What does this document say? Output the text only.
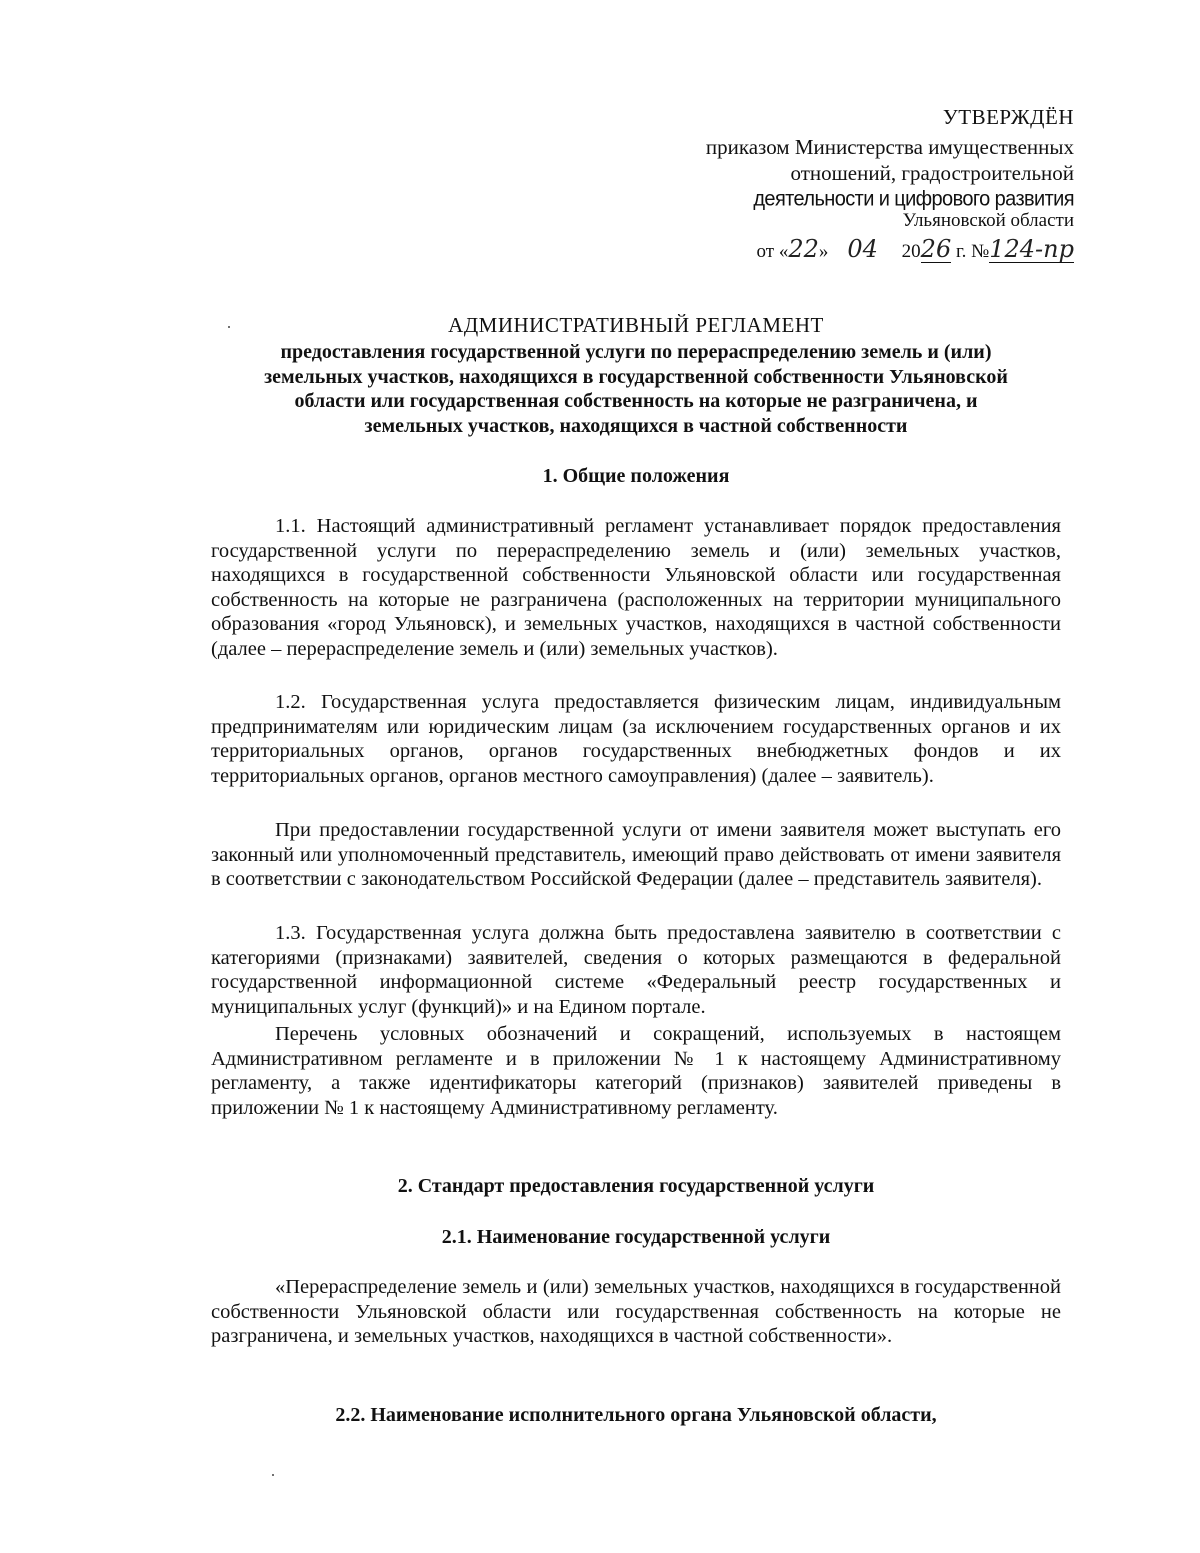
УТВЕРЖДЁН
приказом Министерства имущественных
отношений, градостроительной
деятельности и цифрового развития
Ульяновской области
от «22» 04 2026 г. №124-пр
АДМИНИСТРАТИВНЫЙ РЕГЛАМЕНТ
предоставления государственной услуги по перераспределению земель и (или)
земельных участков, находящихся в государственной собственности Ульяновской
области или государственная собственность на которые не разграничена, и
земельных участков, находящихся в частной собственности
1. Общие положения
1.1. Настоящий административный регламент устанавливает порядок предоставления государственной услуги по перераспределению земель и (или) земельных участков, находящихся в государственной собственности Ульяновской области или государственная собственность на которые не разграничена (расположенных на территории муниципального образования «город Ульяновск), и земельных участков, находящихся в частной собственности (далее – перераспределение земель и (или) земельных участков).
1.2. Государственная услуга предоставляется физическим лицам, индивидуальным предпринимателям или юридическим лицам (за исключением государственных органов и их территориальных органов, органов государственных внебюджетных фондов и их территориальных органов, органов местного самоуправления) (далее – заявитель).
При предоставлении государственной услуги от имени заявителя может выступать его законный или уполномоченный представитель, имеющий право действовать от имени заявителя в соответствии с законодательством Российской Федерации (далее – представитель заявителя).
1.3. Государственная услуга должна быть предоставлена заявителю в соответствии с категориями (признаками) заявителей, сведения о которых размещаются в федеральной государственной информационной системе «Федеральный реестр государственных и муниципальных услуг (функций)» и на Едином портале.
Перечень условных обозначений и сокращений, используемых в настоящем Административном регламенте и в приложении № 1 к настоящему Административному регламенту, а также идентификаторы категорий (признаков) заявителей приведены в приложении № 1 к настоящему Административному регламенту.
2. Стандарт предоставления государственной услуги
2.1. Наименование государственной услуги
«Перераспределение земель и (или) земельных участков, находящихся в государственной собственности Ульяновской области или государственная собственность на которые не разграничена, и земельных участков, находящихся в частной собственности».
2.2. Наименование исполнительного органа Ульяновской области,
